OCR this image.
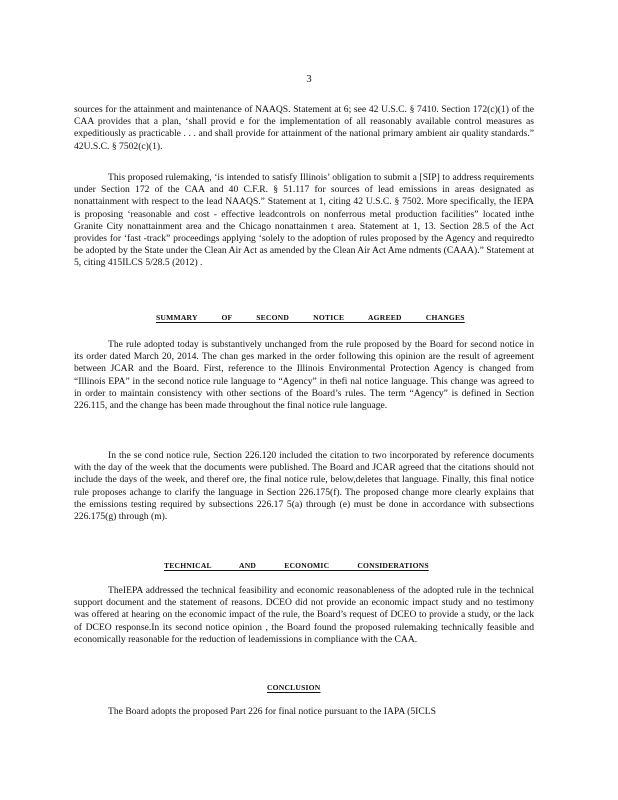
3

sources for the attainment and maintenance of NAAQS. Statement at 6; see 42 U.S.C. § 7410. Section 172(c)(1) of the CAA provides that a plan, ‘shall provid e for the implementation of all reasonably available control measures as expeditiously as practicable . . . and shall provide for attainment of the national primary ambient air quality standards.” 42U.S.C. § 7502(c)(1).

This proposed rulemaking, ‘is intended to satisfy Illinois’ obligation to submit a [SIP] to address requirements under Section 172 of the CAA and 40 C.F.R. § 51.117 for sources of lead emissions in areas designated as nonattainment with respect to the lead NAAQS.” Statement at 1, citing 42 U.S.C. § 7502. More specifically, the IEPA is proposing ‘reasonable and cost - effective leadcontrols on nonferrous metal production facilities” located inthe Granite City nonattainment area and the Chicago nonattainmen t area. Statement at 1, 13. Section 28.5 of the Act provides for ‘fast -track” proceedings applying ‘solely to the adoption of rules proposed by the Agency and requiredto be adopted by the State under the Clean Air Act as amended by the Clean Air Act Ame ndments (CAAA).” Statement at 5, citing 415ILCS 5/28.5 (2012) .

SUMMARY OF SECOND NOTICE AGREED CHANGES

The rule adopted today is substantively unchanged from the rule proposed by the Board for second notice in its order dated March 20, 2014. The chan ges marked in the order following this opinion are the result of agreement between JCAR and the Board. First, reference to the Illinois Environmental Protection Agency is changed from “Illinois EPA” in the second notice rule language to “Agency” in thefi nal notice language. This change was agreed to in order to maintain consistency with other sections of the Board’s rules. The term “Agency” is defined in Section 226.115, and the change has been made throughout the final notice rule language.

In the se cond notice rule, Section 226.120 included the citation to two incorporated by reference documents with the day of the week that the documents were published. The Board and JCAR agreed that the citations should not include the days of the week, and theref ore, the final notice rule, below,deletes that language. Finally, this final notice rule proposes achange to clarify the language in Section 226.175(f). The proposed change more clearly explains that the emissions testing required by subsections 226.17 5(a) through (e) must be done in accordance with subsections 226.175(g) through (m).

TECHNICAL AND ECONOMIC CONSIDERATIONS

TheIEPA addressed the technical feasibility and economic reasonableness of the adopted rule in the technical support document and the statement of reasons. DCEO did not provide an economic impact study and no testimony was offered at hearing on the economic impact of the rule, the Board’s request of DCEO to provide a study, or the lack of DCEO response.In its second notice opinion , the Board found the proposed rulemaking technically feasible and economically reasonable for the reduction of leademissions in compliance with the CAA.

CONCLUSION

The Board adopts the proposed Part 226 for final notice pursuant to the IAPA (5ICLS
